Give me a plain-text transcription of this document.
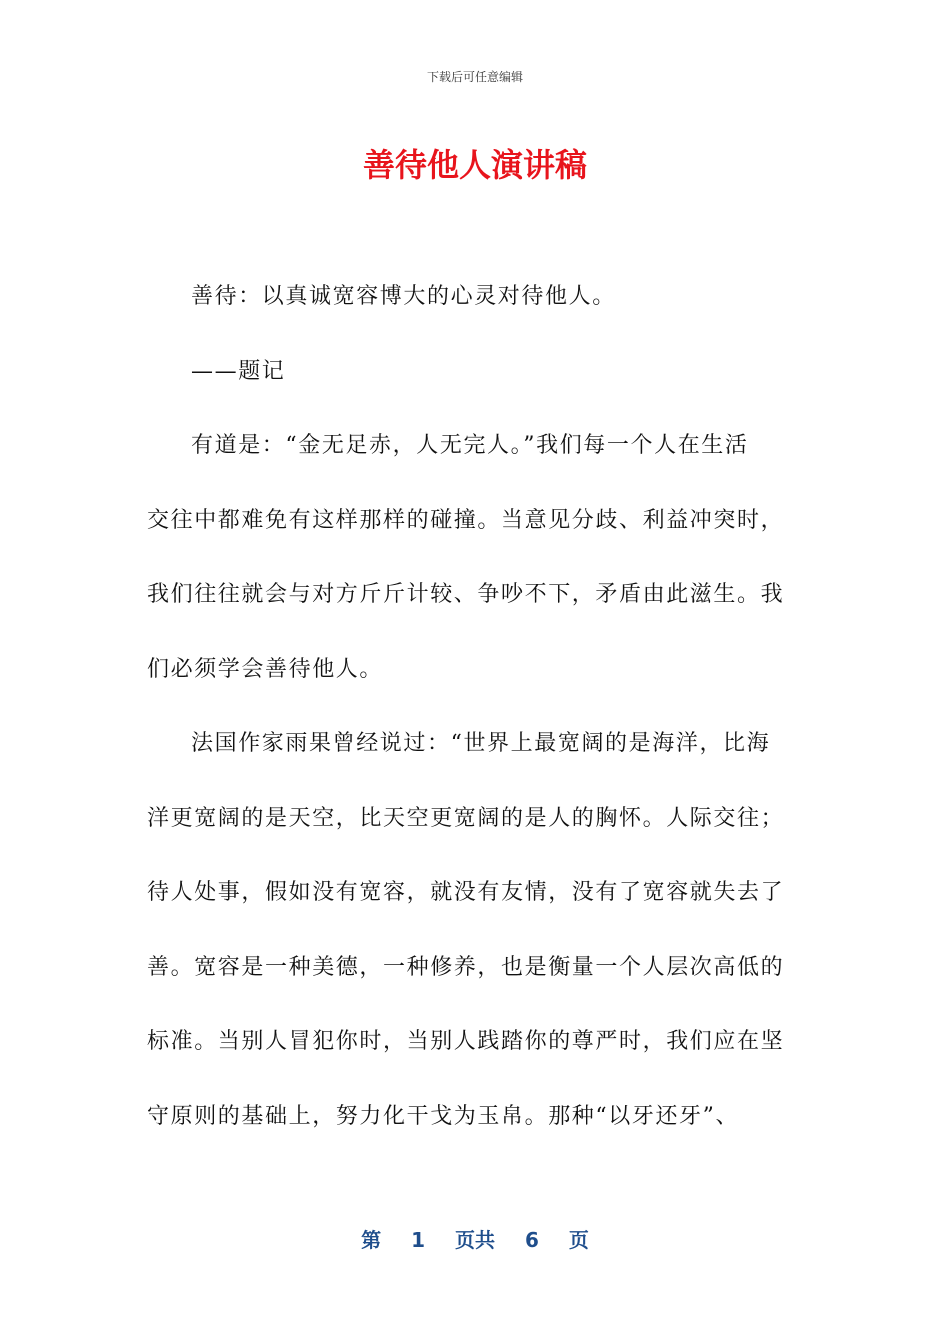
下载后可任意编辑
善待他人演讲稿

善待：以真诚宽容博大的心灵对待他人。

——题记

有道是：“金无足赤，人无完人。”我们每一个人在生活

交往中都难免有这样那样的碰撞。当意见分歧、利益冲突时，

我们往往就会与对方斤斤计较、争吵不下，矛盾由此滋生。我

们必须学会善待他人。

法国作家雨果曾经说过：“世界上最宽阔的是海洋，比海

洋更宽阔的是天空，比天空更宽阔的是人的胸怀。人际交往；

待人处事，假如没有宽容，就没有友情，没有了宽容就失去了

善。宽容是一种美德，一种修养，也是衡量一个人层次高低的

标准。当别人冒犯你时，当别人践踏你的尊严时，我们应在坚

守原则的基础上，努力化干戈为玉帛。那种“以牙还牙”、

第 1 页共 6 页
